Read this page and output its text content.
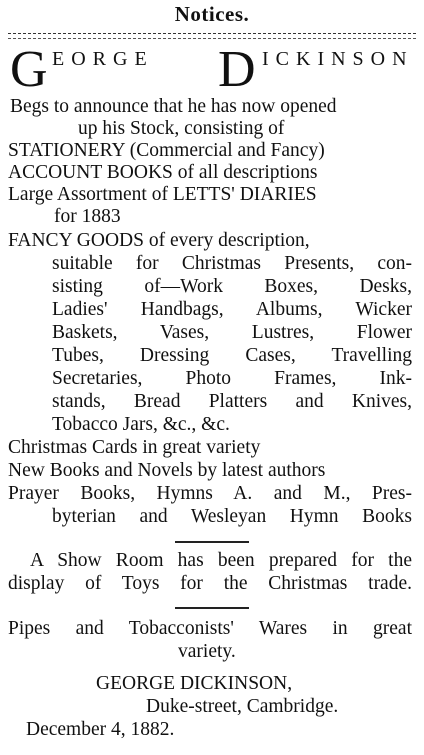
Notices.
G EORGE D ICKINSON
Begs to announce that he has now opened
up his Stock, consisting of
STATIONERY (Commercial and Fancy)
ACCOUNT BOOKS of all descriptions
Large Assortment of LETTS' DIARIES
for 1883
FANCY GOODS of every description,
suitable for Christmas Presents, con-
sisting of—Work Boxes, Desks,
Ladies' Handbags, Albums, Wicker
Baskets, Vases, Lustres, Flower
Tubes, Dressing Cases, Travelling
Secretaries, Photo Frames, Ink-
stands, Bread Platters and Knives,
Tobacco Jars, &c., &c.
Christmas Cards in great variety
New Books and Novels by latest authors
Prayer Books, Hymns A. and M., Pres-
byterian and Wesleyan Hymn Books
A Show Room has been prepared for the
display of Toys for the Christmas trade.
Pipes and Tobacconists' Wares in great
variety.
GEORGE DICKINSON,
Duke-street, Cambridge.
December 4, 1882.
